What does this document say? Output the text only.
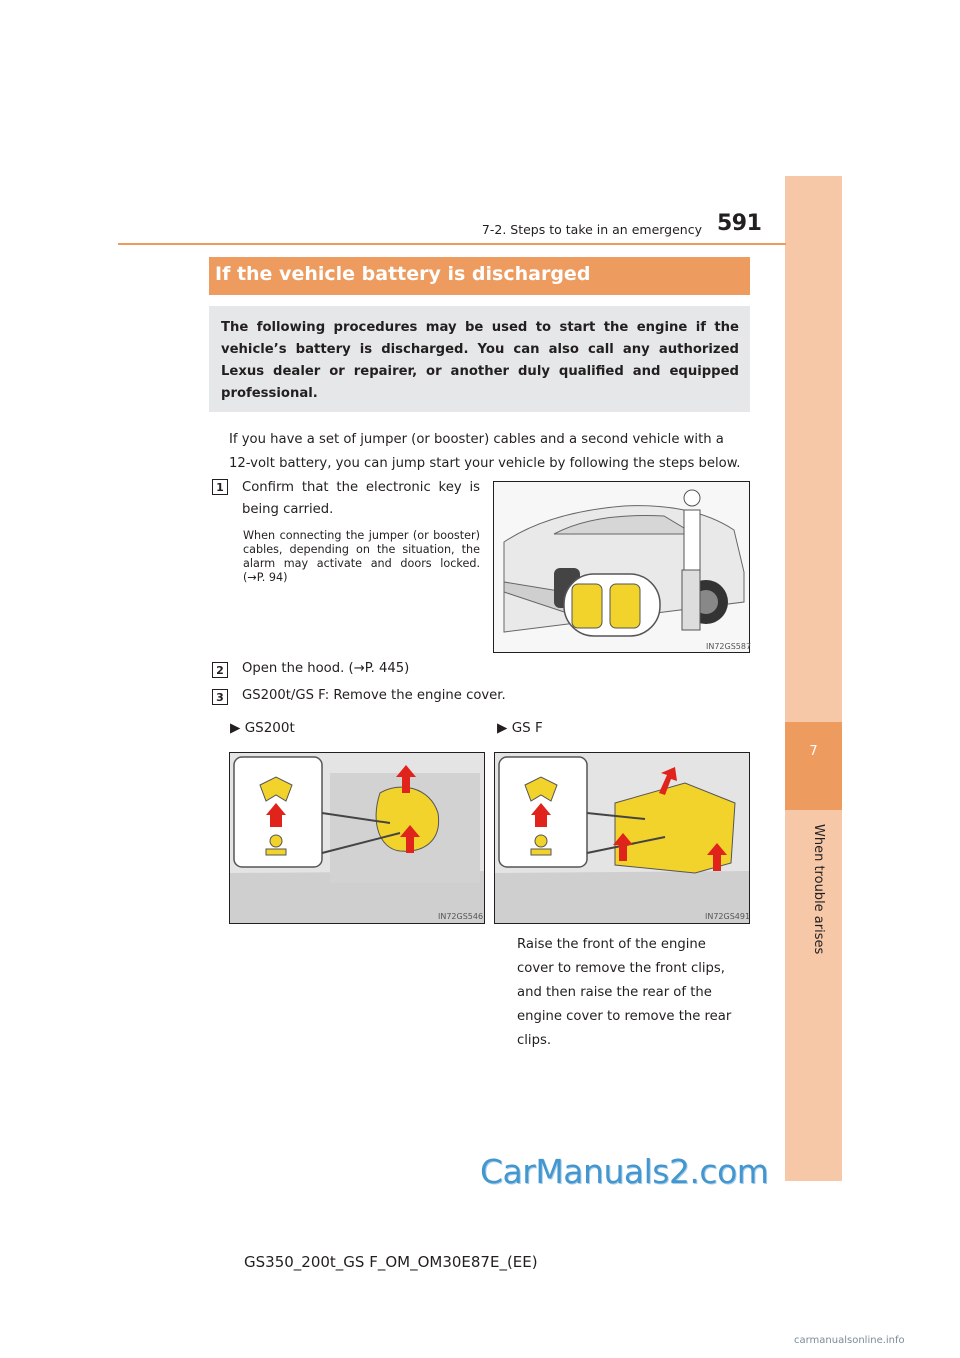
7
When trouble arises
7-2. Steps to take in an emergency 591
If the vehicle battery is discharged
The following procedures may be used to start the engine if the vehicle’s battery is discharged. You can also call any authorized Lexus dealer or repairer, or another duly qualified and equipped professional.
If you have a set of jumper (or booster) cables and a second vehicle with a 12-volt battery, you can jump start your vehicle by following the steps below.
1	Confirm that the electronic key is being carried.
When connecting the jumper (or booster) cables, depending on the situation, the alarm may activate and doors locked. (→P. 94)
IN72GS587
2	Open the hood. (→P. 445)
3	GS200t/GS F: Remove the engine cover.
▶ GS200t	▶ GS F
IN72GS546	IN72GS491
Raise the front of the engine cover to remove the front clips, and then raise the rear of the engine cover to remove the rear clips.
CarManuals2.com
GS350_200t_GS F_OM_OM30E87E_(EE)
carmanualsonline.info
